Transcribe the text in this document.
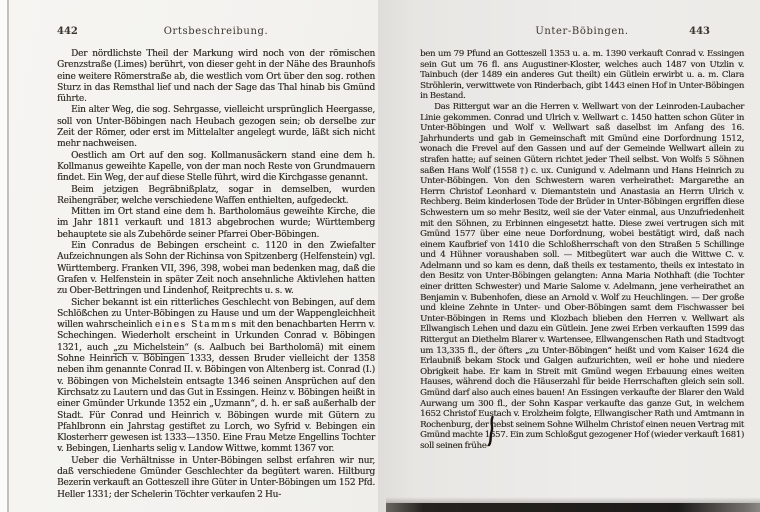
442	Ortsbeschreibung.

Der nördlichste Theil der Markung wird noch von der römischen Grenzstraße (Limes) berührt, von dieser geht in der Nähe des Braunhofs eine weitere Römerstraße ab, die westlich vom Ort über den sog. rothen Sturz in das Remsthal lief und nach der Sage das Thal hinab bis Gmünd führte.

Ein alter Weg, die sog. Sehrgasse, vielleicht ursprünglich Heergasse, soll von Unter-Böbingen nach Heubach gezogen sein; ob derselbe zur Zeit der Römer, oder erst im Mittelalter angelegt wurde, läßt sich nicht mehr nachweisen.

Oestlich am Ort auf den sog. Kollmanusäckern stand eine dem h. Kollmanus geweihte Kapelle, von der man noch Reste von Grundmauern findet. Ein Weg, der auf diese Stelle führt, wird die Kirchgasse genannt.

Beim jetzigen Begräbnißplatz, sogar in demselben, wurden Reihengräber, welche verschiedene Waffen enthielten, aufgedeckt.

Mitten im Ort stand eine dem h. Bartholomäus geweihte Kirche, die im Jahr 1811 verkauft und 1813 abgebrochen wurde; Württemberg behauptete sie als Zubehörde seiner Pfarrei Ober-Böbingen.

Ein Conradus de Bebingen erscheint c. 1120 in den Zwiefalter Aufzeichnungen als Sohn der Richinsa von Spitzenberg (Helfenstein) vgl. Württemberg. Franken VII, 396, 398, wobei man bedenken mag, daß die Grafen v. Helfenstein in später Zeit noch ansehnliche Aktivlehen hatten zu Ober-Bettringen und Lindenhof, Reitprechts u. s. w.

Sicher bekannt ist ein ritterliches Geschlecht von Bebingen, auf dem Schlößchen zu Unter-Böbingen zu Hause und um der Wappengleichheit willen wahrscheinlich eines Stamms mit den benachbarten Herrn v. Schechingen. Wiederholt erscheint in Urkunden Conrad v. Böbingen 1321, auch „zu Michelstein“ (s. Aalbuch bei Bartholomä) mit einem Sohne Heinrich v. Böbingen 1333, dessen Bruder vielleicht der 1358 neben ihm genannte Conrad II. v. Böbingen von Altenberg ist. Conrad (I.) v. Böbingen von Michelstein entsagte 1346 seinen Ansprüchen auf den Kirchsatz zu Lautern und das Gut in Essingen. Heinz v. Böbingen heißt in einer Gmünder Urkunde 1352 ein „Uzmann“, d. h. er saß außerhalb der Stadt. Für Conrad und Heinrich v. Böbingen wurde mit Gütern zu Pfahlbronn ein Jahrstag gestiftet zu Lorch, wo Syfrid v. Bebingen ein Klosterherr gewesen ist 1333—1350. Eine Frau Metze Engellins Tochter v. Bebingen, Lienharts selig v. Landow Wittwe, kommt 1367 vor.

Ueber die Verhältnisse in Unter-Böbingen selbst erfahren wir nur, daß verschiedene Gmünder Geschlechter da begütert waren. Hiltburg Bezerin verkauft an Gotteszell ihre Güter in Unter-Böbingen um 152 Pfd. Heller 1331; der Schelerin Töchter verkaufen 2 Hu-

Unter-Böbingen.	443

ben um 79 Pfund an Gotteszell 1353 u. a. m. 1390 verkauft Conrad v. Essingen sein Gut um 76 fl. ans Augustiner-Kloster, welches auch 1487 von Utzlin v. Tainbuch (der 1489 ein anderes Gut theilt) ein Gütlein erwirbt u. a. m. Clara Ströhlerin, verwittwete von Rinderbach, gibt 1443 einen Hof in Unter-Böbingen in Bestand.

Das Rittergut war an die Herren v. Wellwart von der Leinroden-Laubacher Linie gekommen. Conrad und Ulrich v. Wellwart c. 1450 hatten schon Güter in Unter-Böbingen und Wolf v. Wellwart saß daselbst im Anfang des 16. Jahrhunderts und gab in Gemeinschaft mit Gmünd eine Dorfordnung 1512, wonach die Frevel auf den Gassen und auf der Gemeinde Wellwart allein zu strafen hatte; auf seinen Gütern richtet jeder Theil selbst. Von Wolfs 5 Söhnen saßen Hans Wolf (1558 †) c. ux. Cunigund v. Adelmann und Hans Heinrich zu Unter-Böbingen. Von den Schwestern waren verheirathet: Margarethe an Herrn Christof Leonhard v. Diemantstein und Anastasia an Herrn Ulrich v. Rechberg. Beim kinderlosen Tode der Brüder in Unter-Böbingen ergriffen diese Schwestern um so mehr Besitz, weil sie der Vater einmal, aus Unzufriedenheit mit den Söhnen, zu Erbinnen eingesetzt hatte. Diese zwei vertrugen sich mit Gmünd 1577 über eine neue Dorfordnung, wobei bestätigt wird, daß nach einem Kaufbrief von 1410 die Schloßherrschaft von den Straßen 5 Schillinge und 4 Hühner voraushaben soll. — Mitbegütert war auch die Wittwe C. v. Adelmann und so kam es denn, daß theils ex testamento, theils ex intestato in den Besitz von Unter-Böbingen gelangten: Anna Maria Nothhaft (die Tochter einer dritten Schwester) und Marie Salome v. Adelmann, jene verheirathet an Benjamin v. Bubenhofen, diese an Arnold v. Wolf zu Heuchlingen. — Der große und kleine Zehnte in Unter- und Ober-Böbingen samt dem Fischwasser bei Unter-Böbingen in Rems und Klozbach blieben den Herren v. Wellwart als Ellwangisch Lehen und dazu ein Gütlein. Jene zwei Erben verkauften 1599 das Rittergut an Diethelm Blarer v. Wartensee, Ellwangenschen Rath und Stadtvogt um 13,335 fl., der öfters „zu Unter-Böbingen“ heißt und vom Kaiser 1624 die Erlaubniß bekam Stock und Galgen aufzurichten, weil er hohe und niedere Obrigkeit habe. Er kam in Streit mit Gmünd wegen Erbauung eines weiten Hauses, während doch die Häuserzahl für beide Herrschaften gleich sein soll. Gmünd darf also auch eines bauen! An Essingen verkaufte der Blarer den Wald Aurwang um 300 fl., der Sohn Kaspar verkaufte das ganze Gut, in welchem 1652 Christof Eustach v. Erolzheim folgte, Ellwangischer Rath und Amtmann in Rochenburg, der nebst seinem Sohne Wilhelm Christof einen neuen Vertrag mit Gmünd machte 1657
. Ein zum Schloßgut gezogener Hof (wieder verkauft 1681) soll seinen frühe-
